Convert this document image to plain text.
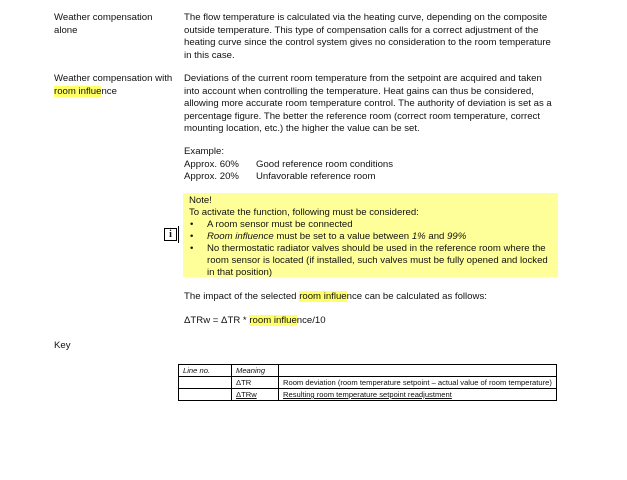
Weather compensation alone
The flow temperature is calculated via the heating curve, depending on the composite outside temperature. This type of compensation calls for a correct adjustment of the heating curve since the control system gives no consideration to the room temperature in this case.
Weather compensation with room influence
Deviations of the current room temperature from the setpoint are acquired and taken into account when controlling the temperature. Heat gains can thus be considered, allowing more accurate room temperature control. The authority of deviation is set as a percentage figure. The better the reference room (correct room temperature, correct mounting location, etc.) the higher the value can be set.
Example:
Approx. 60%	Good reference room conditions
Approx. 20%	Unfavorable reference room
i
Note!
To activate the function, following must be considered:
• A room sensor must be connected
• Room influence must be set to a value between 1% and 99%
• No thermostatic radiator valves should be used in the reference room where the room sensor is located (if installed, such valves must be fully opened and locked in that position)
The impact of the selected room influence can be calculated as follows:
ΔTRw = ΔTR * room influence/10
Key
Line no.	Meaning	
	ΔTR	Room deviation (room temperature setpoint – actual value of room temperature)
	ΔTRw	Resulting room temperature setpoint readjustment
